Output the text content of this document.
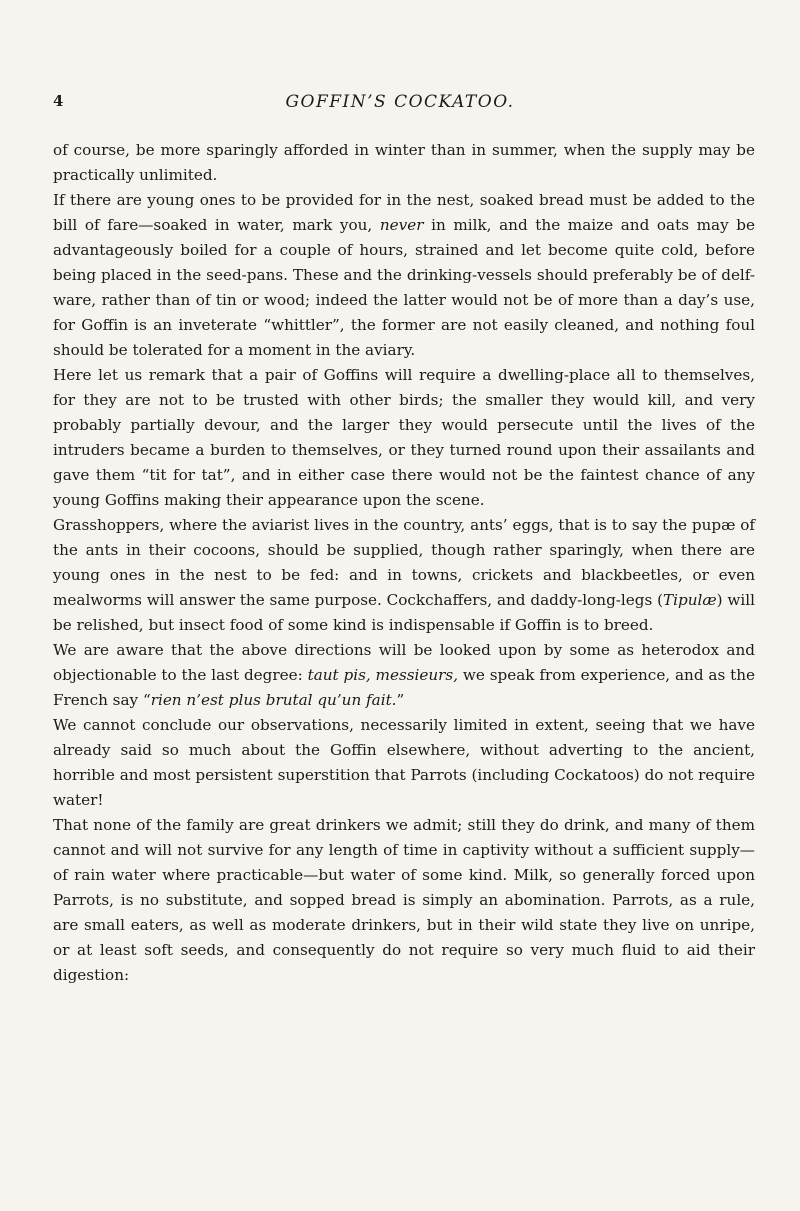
4	GOFFIN’S COCKATOO.

of course, be more sparingly afforded in winter than in summer, when the supply may be practically unlimited.

If there are young ones to be provided for in the nest, soaked bread must be added to the bill of fare—soaked in water, mark you, never in milk, and the maize and oats may be advantageously boiled for a couple of hours, strained and let become quite cold, before being placed in the seed-pans. These and the drinking-vessels should preferably be of delf-ware, rather than of tin or wood; indeed the latter would not be of more than a day’s use, for Goffin is an inveterate “whittler”, the former are not easily cleaned, and nothing foul should be tolerated for a moment in the aviary.

Here let us remark that a pair of Goffins will require a dwelling-place all to themselves, for they are not to be trusted with other birds; the smaller they would kill, and very probably partially devour, and the larger they would persecute until the lives of the intruders became a burden to themselves, or they turned round upon their assailants and gave them “tit for tat”, and in either case there would not be the faintest chance of any young Goffins making their appearance upon the scene.

Grasshoppers, where the aviarist lives in the country, ants’ eggs, that is to say the pupæ of the ants in their cocoons, should be supplied, though rather sparingly, when there are young ones in the nest to be fed: and in towns, crickets and blackbeetles, or even mealworms will answer the same purpose. Cockchaffers, and daddy-long-legs (Tipulæ) will be relished, but insect food of some kind is indispensable if Goffin is to breed.

We are aware that the above directions will be looked upon by some as heterodox and objectionable to the last degree: taut pis, messieurs, we speak from experience, and as the French say “rien n’est plus brutal qu’un fait.”

We cannot conclude our observations, necessarily limited in extent, seeing that we have already said so much about the Goffin elsewhere, without adverting to the ancient, horrible and most persistent superstition that Parrots (including Cockatoos) do not require water!

That none of the family are great drinkers we admit; still they do drink, and many of them cannot and will not survive for any length of time in captivity without a sufficient supply—of rain water where practicable—but water of some kind. Milk, so generally forced upon Parrots, is no substitute, and sopped bread is simply an abomination. Parrots, as a rule, are small eaters, as well as moderate drinkers, but in their wild state they live on unripe, or at least soft seeds, and consequently do not require so very much fluid to aid their digestion:
